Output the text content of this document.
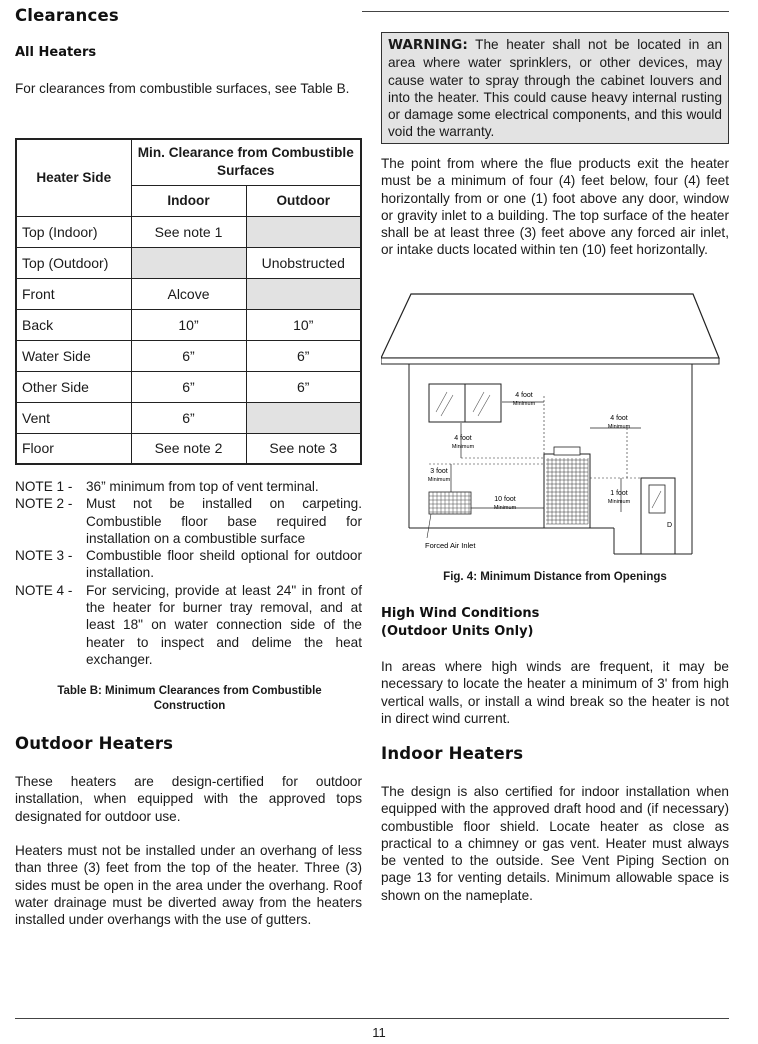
Clearances
All Heaters

For clearances from combustible surfaces, see Table B.

Heater Side	Min. Clearance from Combustible Surfaces	
	Indoor	Outdoor
Top (Indoor)	See note 1	
Top (Outdoor)		Unobstructed
Front	Alcove	
Back	10”	10”
Water Side	6”	6”
Other Side	6”	6”
Vent	6”	
Floor	See note 2	See note 3
NOTE 1 - 36” minimum from top of vent terminal.
NOTE 2 - Must not be installed on carpeting. Combustible floor base required for installation on a combustible surface
NOTE 3 - Combustible floor sheild optional for outdoor installation.
NOTE 4 - For servicing, provide at least 24" in front of the heater for burner tray removal, and at least 18" on water connection side of the heater to inspect and delime the heat exchanger.
Table B: Minimum Clearances from Combustible Construction
Outdoor Heaters

These heaters are design-certified for outdoor installation, when equipped with the approved tops designated for outdoor use.

Heaters must not be installed under an overhang of less than three (3) feet from the top of the heater. Three (3) sides must be open in the area under the overhang. Roof water drainage must be diverted away from the heaters installed under overhangs with the use of gutters.

WARNING: The heater shall not be located in an area where water sprinklers, or other devices, may cause water to spray through the cabinet louvers and into the heater. This could cause heavy internal rusting or damage some electrical components, and this would void the warranty.

The point from where the flue products exit the heater must be a minimum of four (4) feet below, four (4) feet horizontally from or one (1) foot above any door, window or gravity inlet to a building. The top surface of the heater shall be at least three (3) feet above any forced air inlet, or intake ducts located within ten (10) feet horizontally.

4 foot
Minimum
4 foot
Minimum
3 foot
Minimum
10 foot
Minimum
Forced Air Inlet
D
4 foot
Minimum
1 foot
Minimum
Fig. 4: Minimum Distance from Openings
High Wind Conditions
(Outdoor Units Only)

In areas where high winds are frequent, it may be necessary to locate the heater a minimum of 3' from high vertical walls, or install a wind break so the heater is not in direct wind current.

Indoor Heaters

The design is also certified for indoor installation when equipped with the approved draft hood and (if necessary) combustible floor shield. Locate heater as close as practical to a chimney or gas vent. Heater must always be vented to the outside. See Vent Piping Section on page 13 for venting details. Minimum allowable space is shown on the nameplate.

11
